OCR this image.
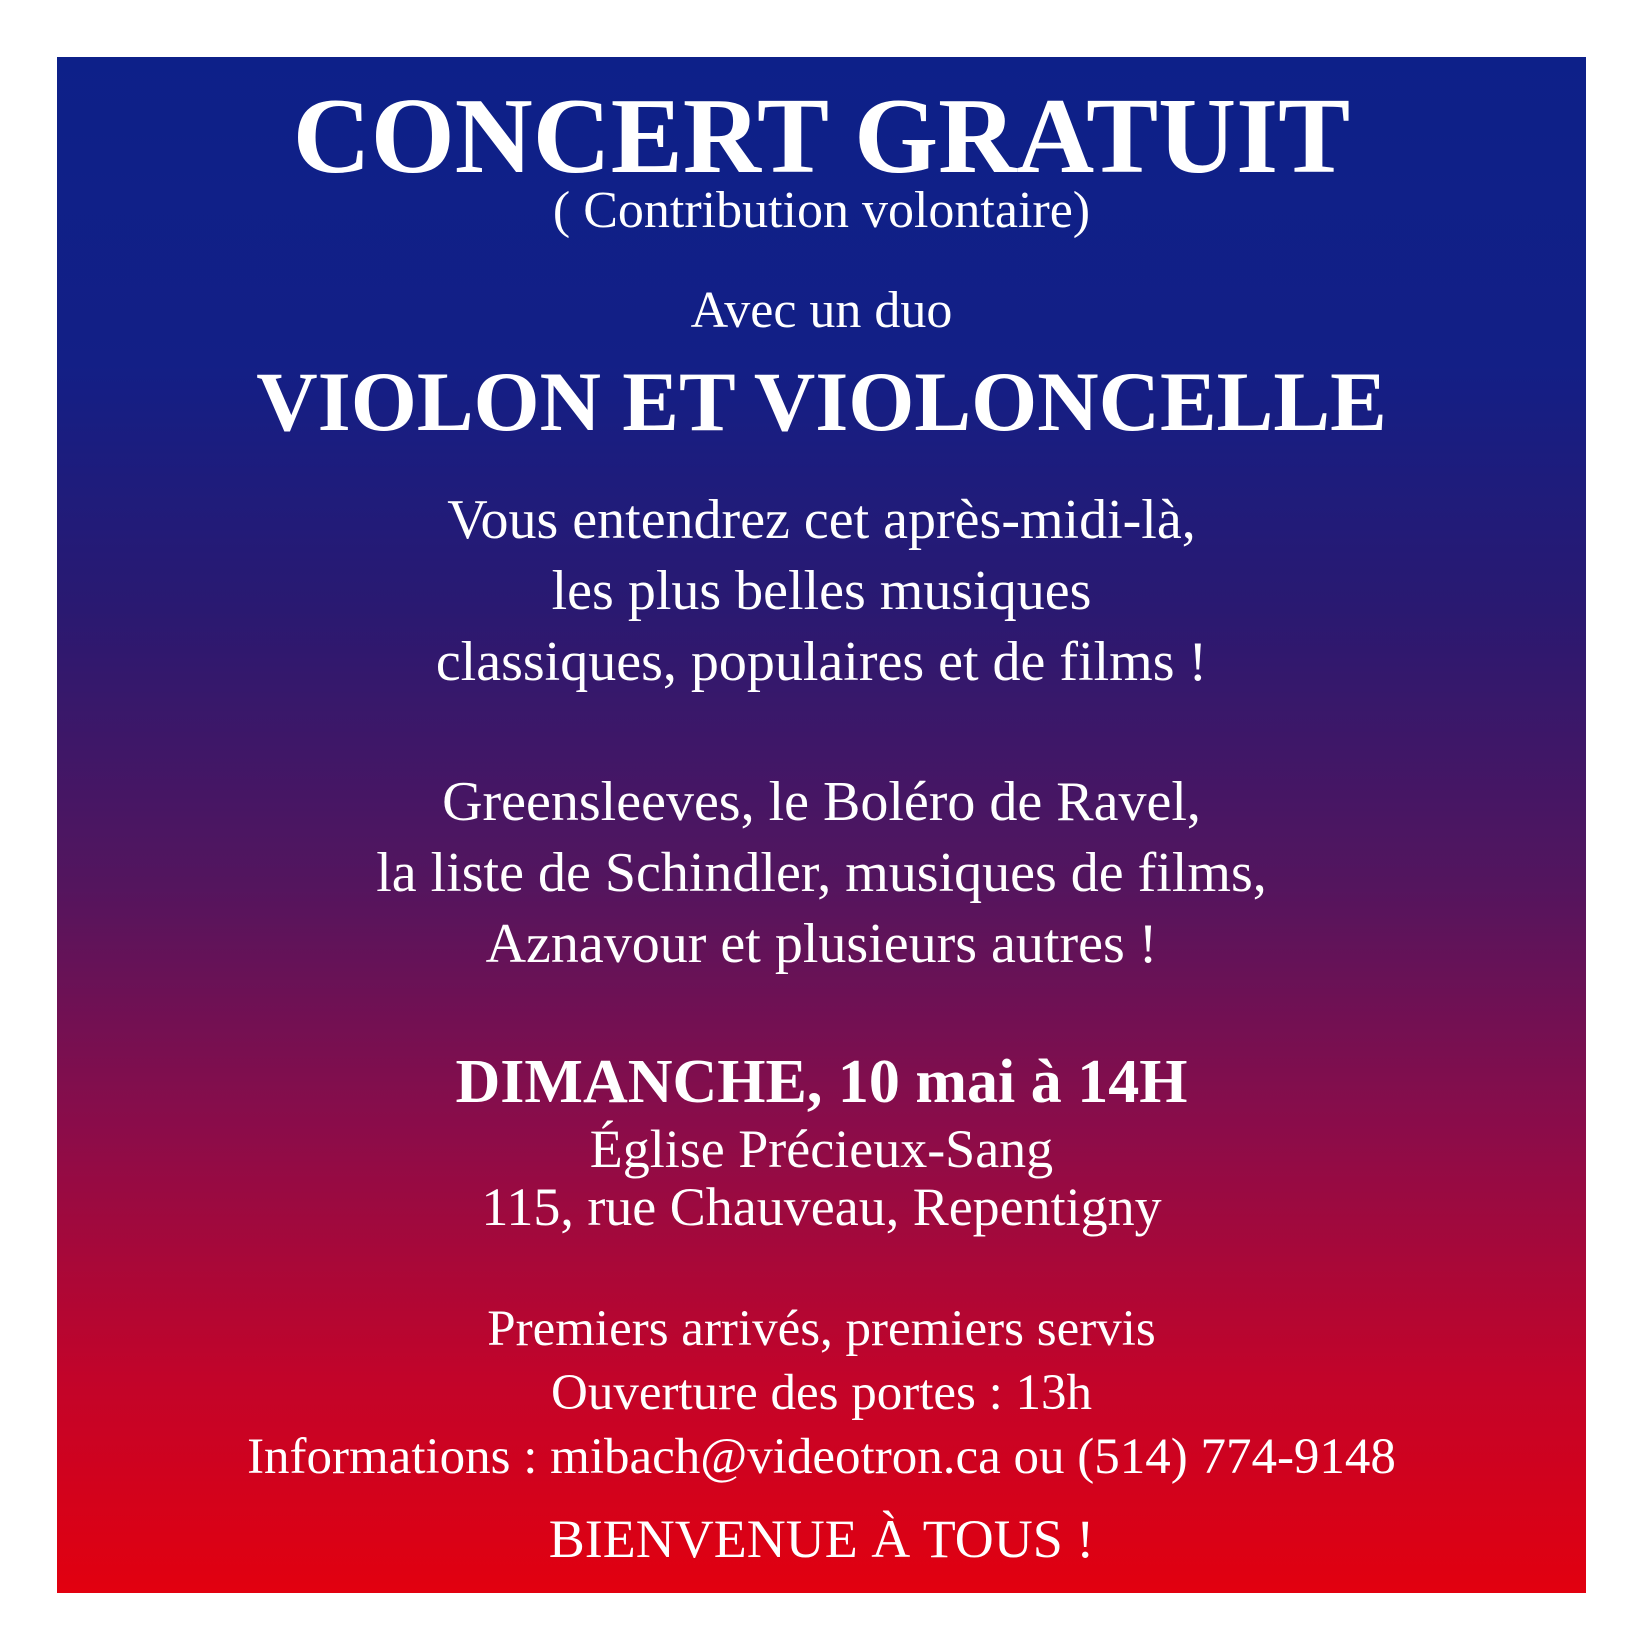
CONCERT GRATUIT
( Contribution volontaire)
Avec un duo
VIOLON ET VIOLONCELLE
Vous entendrez cet après-midi-là,
les plus belles musiques
classiques, populaires et de films !
Greensleeves, le Boléro de Ravel,
la liste de Schindler, musiques de films,
Aznavour et plusieurs autres !
DIMANCHE, 10 mai à 14H
Église Précieux-Sang
115, rue Chauveau, Repentigny
Premiers arrivés, premiers servis
Ouverture des portes : 13h
Informations : mibach@videotron.ca ou (514) 774-9148
BIENVENUE À TOUS !
